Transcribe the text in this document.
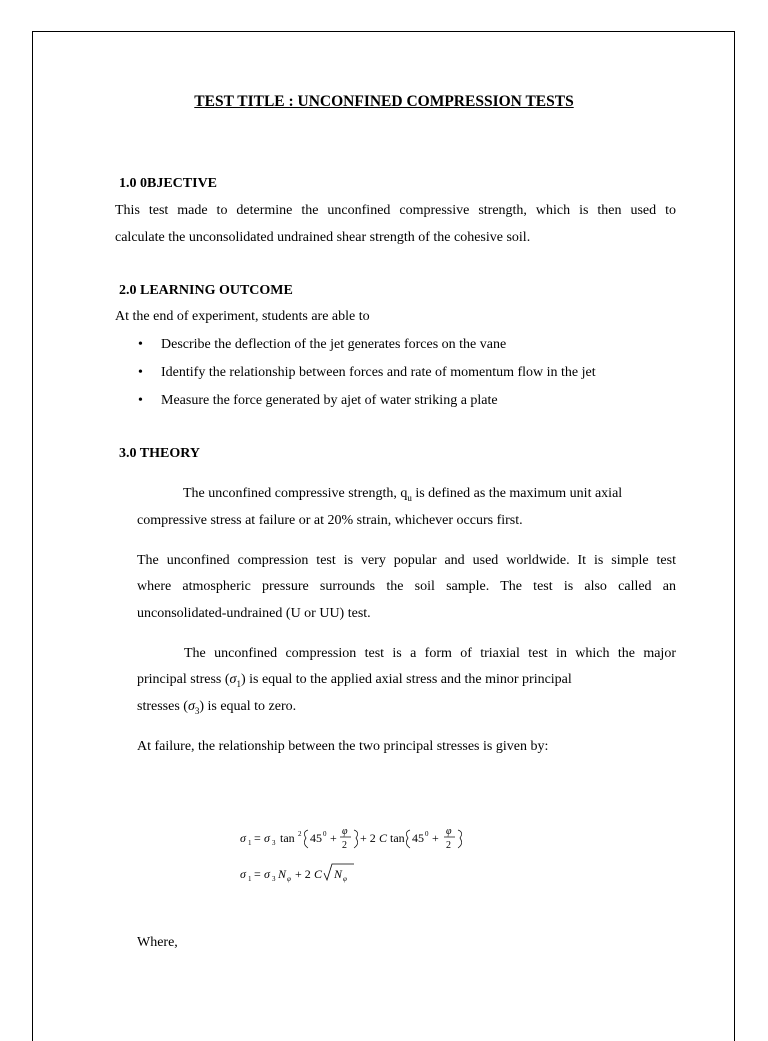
TEST TITLE : UNCONFINED COMPRESSION TESTS
1.0 0BJECTIVE
This test made to determine the unconfined compressive strength, which is then used to
calculate the unconsolidated undrained shear strength of the cohesive soil.
2.0 LEARNING OUTCOME
At the end of experiment, students are able to
• Describe the deflection of the jet generates forces on the vane
• Identify the relationship between forces and rate of momentum flow in the jet
• Measure the force generated by ajet of water striking a plate
3.0 THEORY
The unconfined compressive strength, $q_u$ is defined as the maximum unit axial
compressive stress at failure or at 20% strain, whichever occurs first.
The unconfined compression test is very popular and used worldwide. It is simple test
where atmospheric pressure surrounds the soil sample. The test is also called an
unconsolidated-undrained (U or UU) test.
The unconfined compression test is a form of triaxial test in which the major
principal stress $(\sigma_1)$ is equal to the applied axial stress and the minor principal
stresses $(\sigma_3)$ is equal to zero.
At failure, the relationship between the two principal stresses is given by:
σ 1 = σ 3 tan 2 45 0 + φ
2
+ 2 C tan 45 0 + φ
2
σ 1 = σ 3 N φ + 2 C N φ
Where,
